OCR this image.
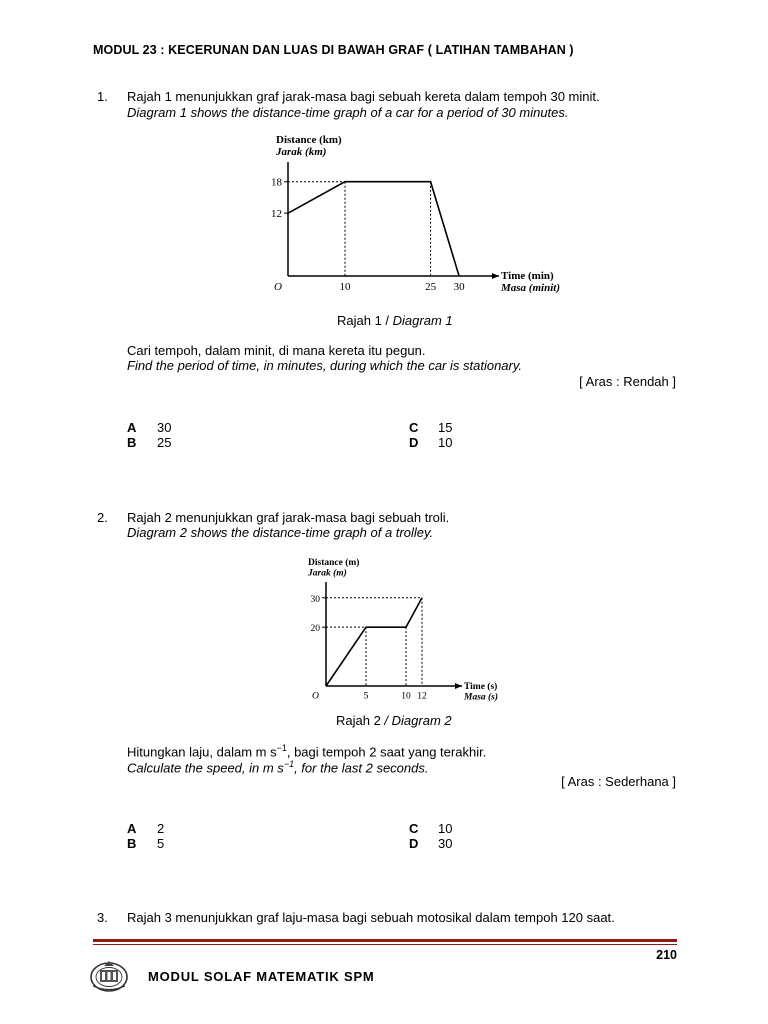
MODUL 23 : KECERUNAN DAN LUAS DI BAWAH GRAF ( LATIHAN TAMBAHAN )
1. Rajah 1 menunjukkan graf jarak-masa bagi sebuah kereta dalam tempoh 30 minit.
Diagram 1 shows the distance-time graph of a car for a period of 30 minutes.
Distance (km)
Jarak (km)
Time (min)
Masa (minit)
O
12
18
10	25 30
Rajah 1 / Diagram 1
Cari tempoh, dalam minit, di mana kereta itu pegun.
Find the period of time, in minutes, during which the car is stationary.
[ Aras : Rendah ]
A 30
B 25
C 15
D 10
2. Rajah 2 menunjukkan graf jarak-masa bagi sebuah troli.
Diagram 2 shows the distance-time graph of a trolley.
Distance (m)
Jarak (m)
Time (s)
Masa (s)
O
20
30
5	10 12
Rajah 2 / Diagram 2
Hitungkan laju, dalam m $s^{-1}$, bagi tempoh 2 saat yang terakhir.
Calculate the speed, in m $s^{-1}$, for the last 2 seconds.
[ Aras : Sederhana ]
A 2
B 5
C 10
D 30
3. Rajah 3 menunjukkan graf laju-masa bagi sebuah motosikal dalam tempoh 120 saat.
210
MODUL SOLAF MATEMATIK SPM
